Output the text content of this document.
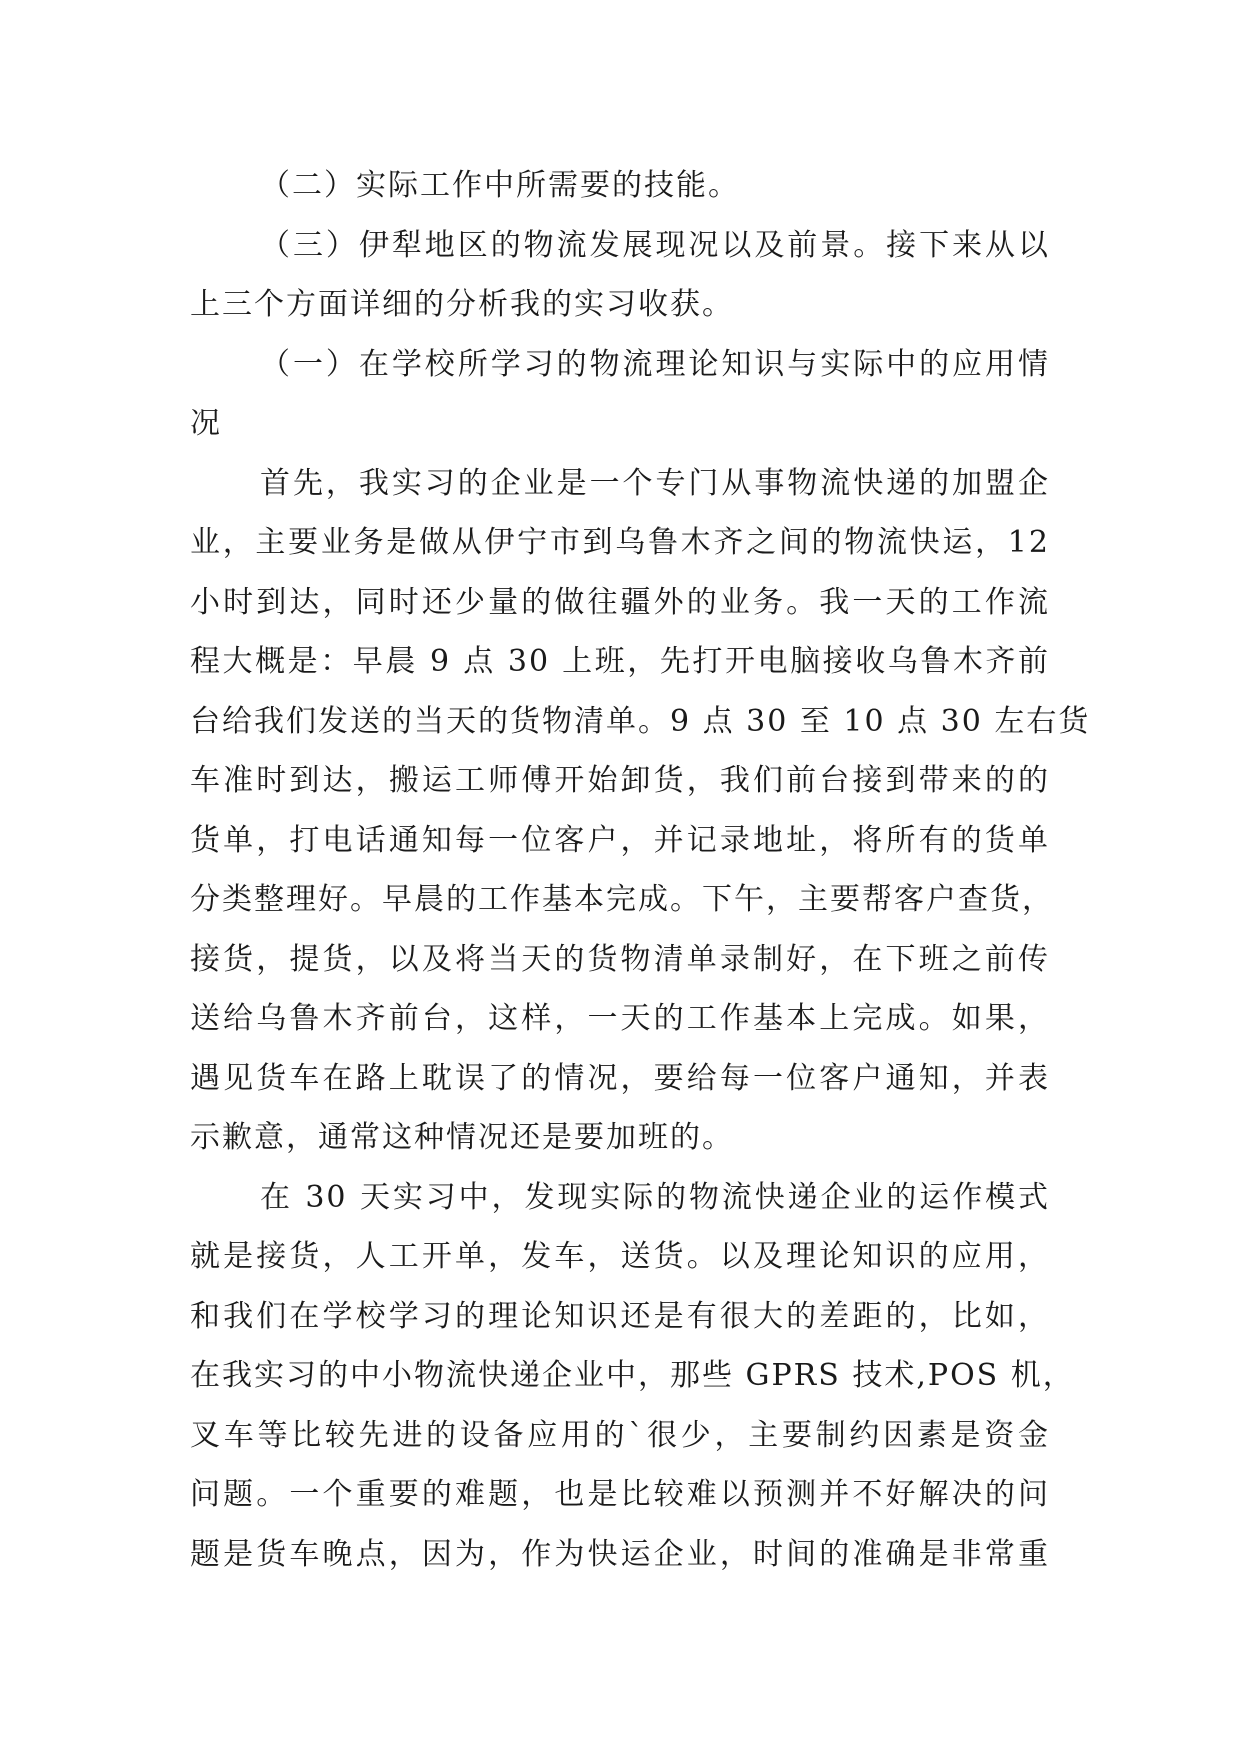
（二）实际工作中所需要的技能。
（三）伊犁地区的物流发展现况以及前景。接下来从以
上三个方面详细的分析我的实习收获。
（一）在学校所学习的物流理论知识与实际中的应用情
况
首先，我实习的企业是一个专门从事物流快递的加盟企
业，主要业务是做从伊宁市到乌鲁木齐之间的物流快运，12
小时到达，同时还少量的做往疆外的业务。我一天的工作流
程大概是：早晨 9 点 30 上班，先打开电脑接收乌鲁木齐前
台给我们发送的当天的货物清单。9 点 30 至 10 点 30 左右货
车准时到达，搬运工师傅开始卸货，我们前台接到带来的的
货单，打电话通知每一位客户，并记录地址，将所有的货单
分类整理好。早晨的工作基本完成。下午，主要帮客户查货，
接货，提货，以及将当天的货物清单录制好，在下班之前传
送给乌鲁木齐前台，这样，一天的工作基本上完成。如果，
遇见货车在路上耽误了的情况，要给每一位客户通知，并表
示歉意，通常这种情况还是要加班的。
在 30 天实习中，发现实际的物流快递企业的运作模式
就是接货，人工开单，发车，送货。以及理论知识的应用，
和我们在学校学习的理论知识还是有很大的差距的，比如，
在我实习的中小物流快递企业中，那些 GPRS 技术,POS 机，
叉车等比较先进的设备应用的`很少，主要制约因素是资金
问题。一个重要的难题，也是比较难以预测并不好解决的问
题是货车晚点，因为，作为快运企业，时间的准确是非常重
